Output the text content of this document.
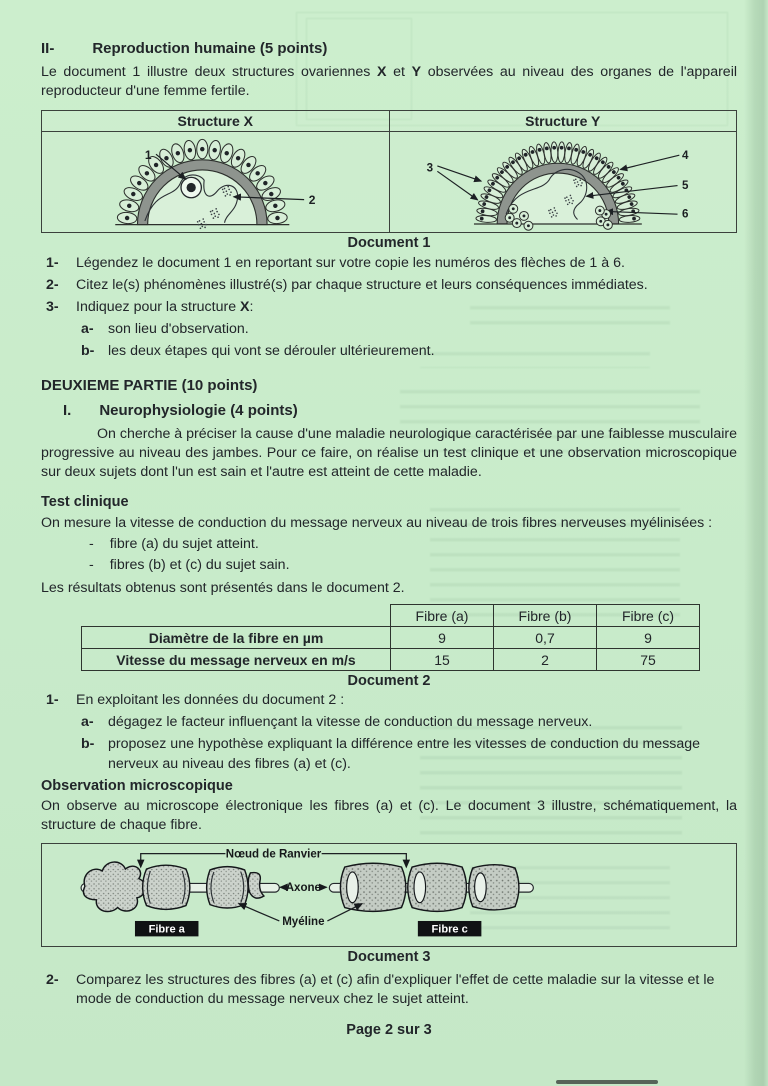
II-	Reproduction humaine (5 points)

Le document 1 illustre deux structures ovariennes X et Y observées au niveau des organes de l'appareil reproducteur d'une femme fertile.

Structure X	Structure Y
1
2
3
4
5
6
Document 1
1-	Légendez le document 1 en reportant sur votre copie les numéros des flèches de 1 à 6.
2-	Citez le(s) phénomènes illustré(s) par chaque structure et leurs conséquences immédiates.
3-	Indiquez pour la structure X:
a-	son lieu d'observation.
b- les deux étapes qui vont se dérouler ultérieurement.
DEUXIEME PARTIE (10 points)
I. Neurophysiologie (4 points)

On cherche à préciser la cause d'une maladie neurologique caractérisée par une faiblesse musculaire progressive au niveau des jambes. Pour ce faire, on réalise un test clinique et une observation microscopique sur deux sujets dont l'un est sain et l'autre est atteint de cette maladie.

Test clinique

On mesure la vitesse de conduction du message nerveux au niveau de trois fibres nerveuses myélinisées :

- fibre (a) du sujet atteint.
- fibres (b) et (c) du sujet sain.

Les résultats obtenus sont présentés dans le document 2.

	Fibre (a)	Fibre (b)	Fibre (c)
Diamètre de la fibre en µm	9	0,7	9
Vitesse du message nerveux en m/s	15	2	75
Document 2
1-	En exploitant les données du document 2 :
a-	dégagez le facteur influençant la vitesse de conduction du message nerveux.
b- proposez une hypothèse expliquant la différence entre les vitesses de conduction du message nerveux au niveau des fibres (a) et (c).
Observation microscopique

On observe au microscope électronique les fibres (a) et (c). Le document 3 illustre, schématiquement, la structure de chaque fibre.

Nœud de Ranvier
Axone
Myéline
Fibre a	Fibre c
Document 3
2-	Comparez les structures des fibres (a) et (c) afin d'expliquer l'effet de cette maladie sur la vitesse et le mode de conduction du message nerveux chez le sujet atteint.
Page 2 sur 3
